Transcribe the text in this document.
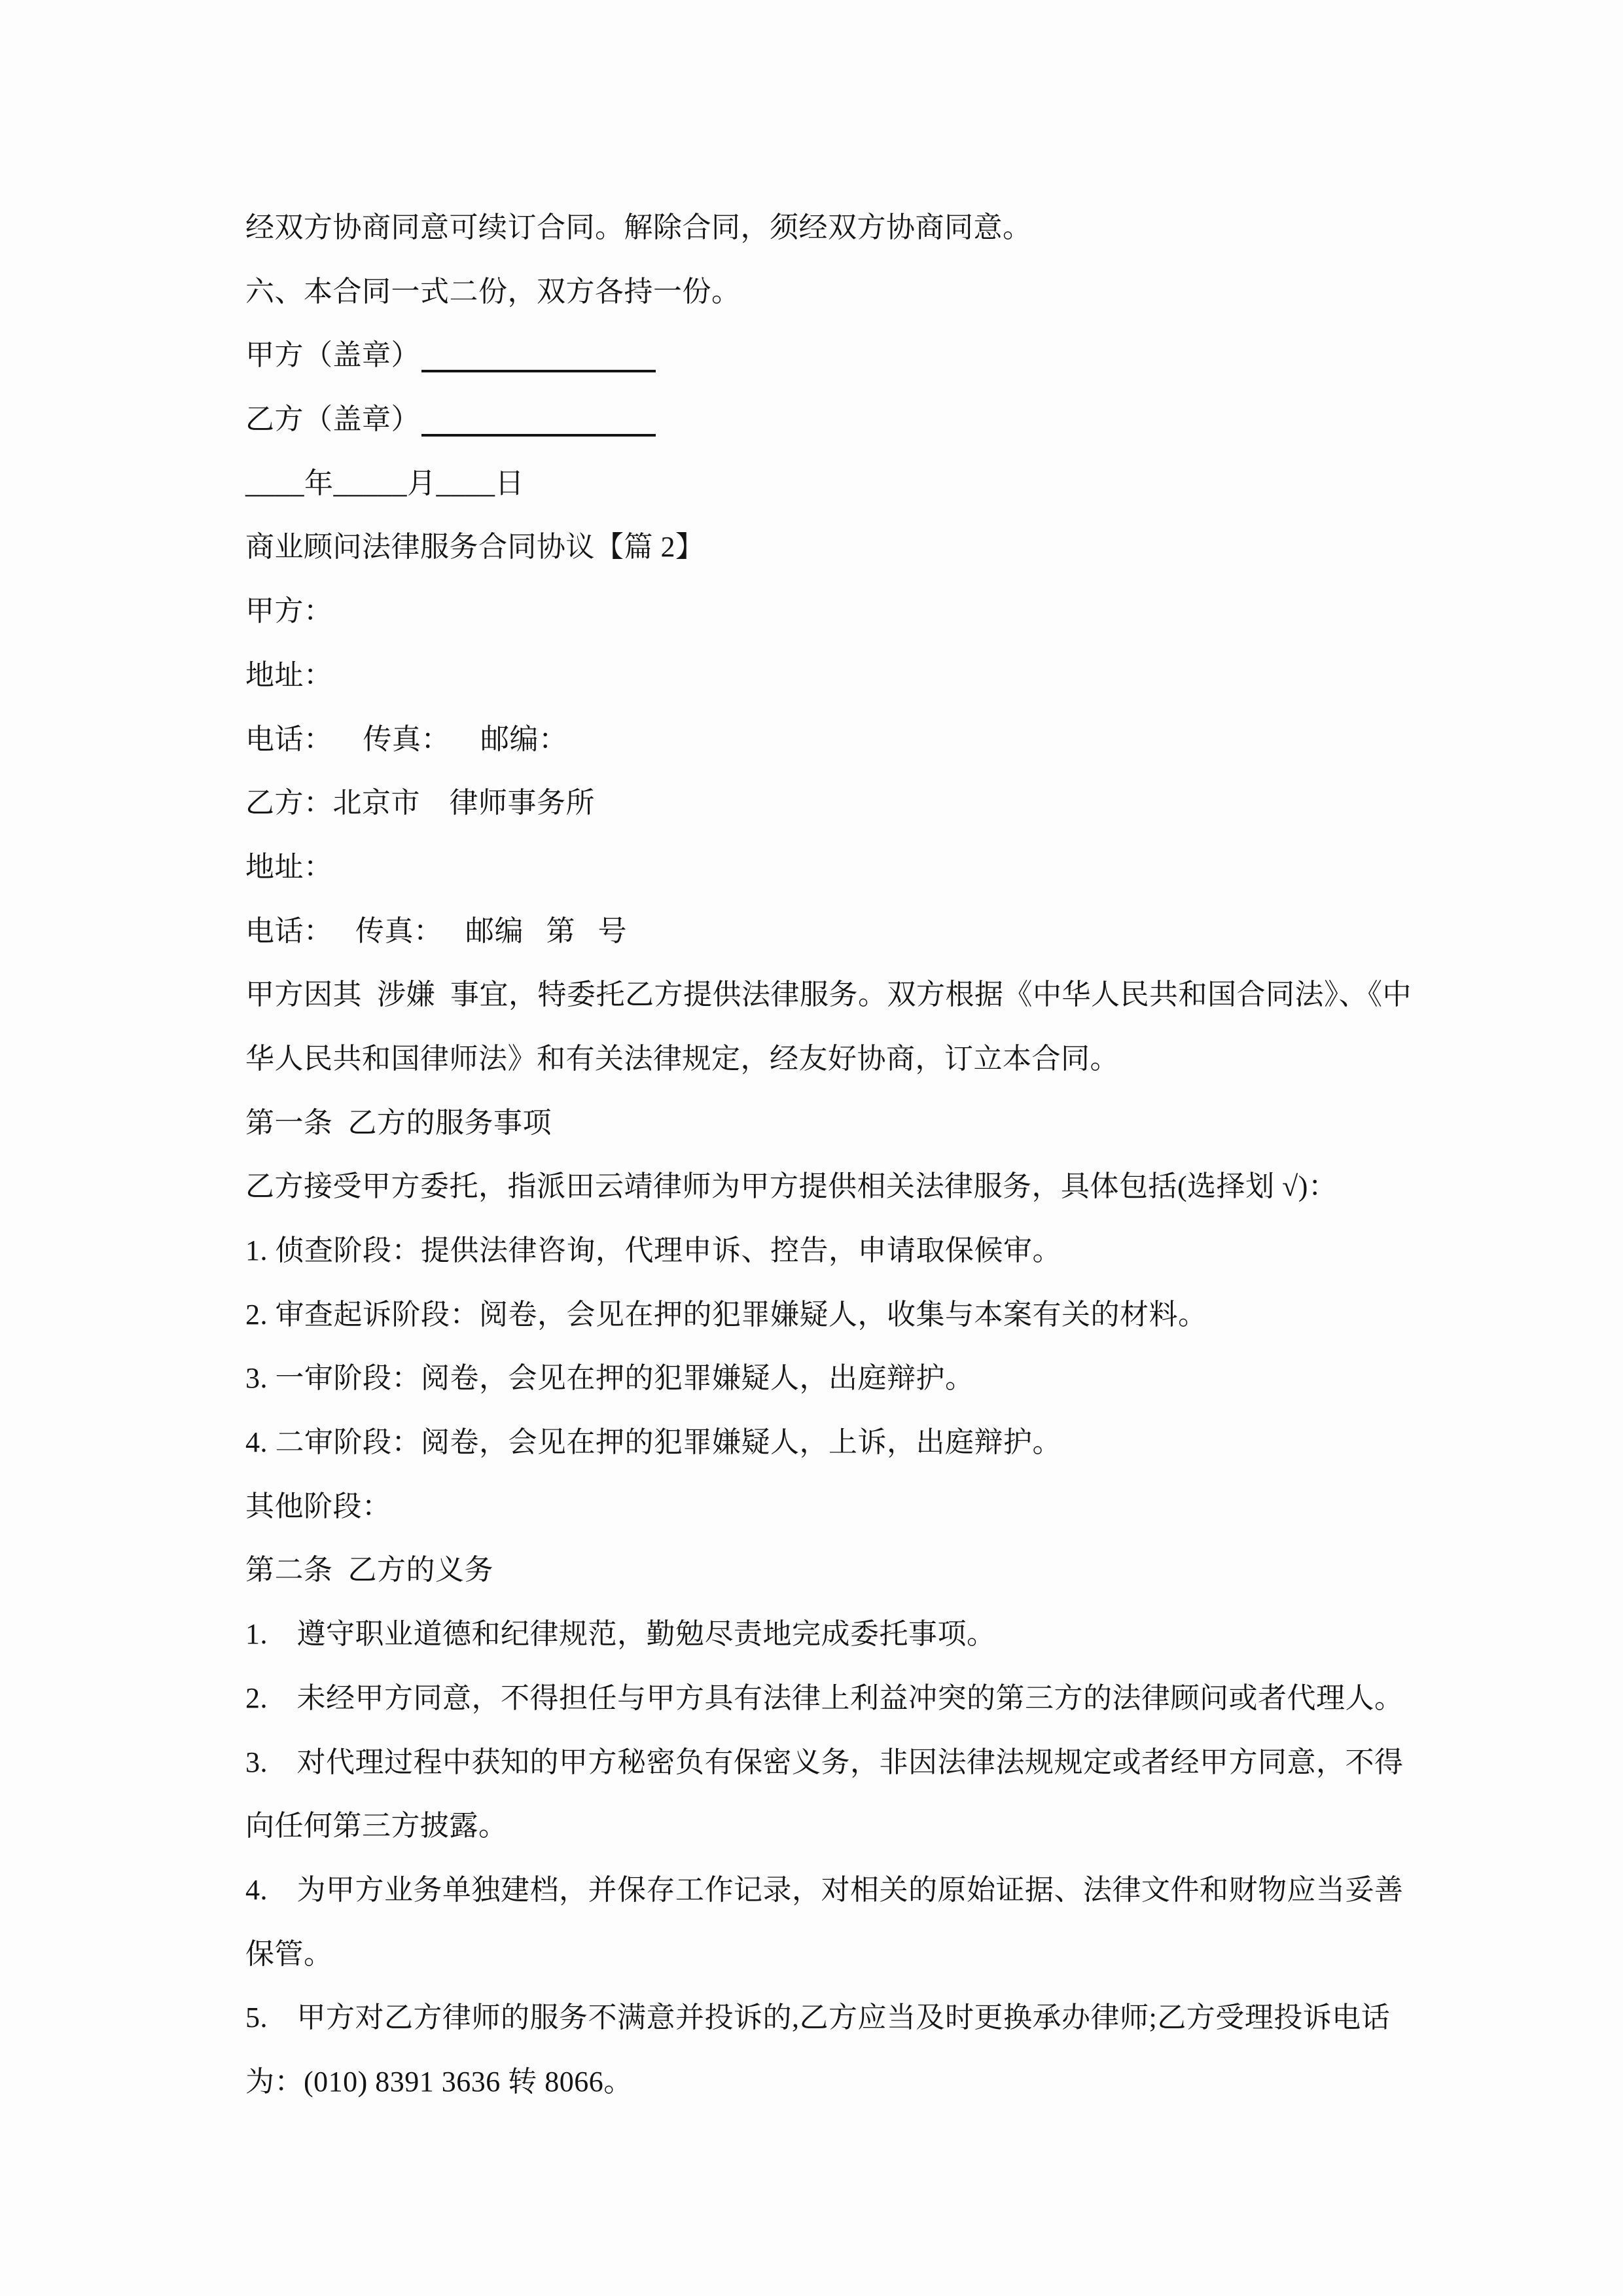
经双方协商同意可续订合同。解除合同，须经双方协商同意。
六、本合同一式二份，双方各持一份。
甲方（盖章）
乙方（盖章）
____年_____月____日
商业顾问法律服务合同协议【篇 2】
甲方：
地址：
电话：    传真：    邮编：
乙方：北京市　律师事务所
地址：
电话：   传真：   邮编   第   号
甲方因其  涉嫌  事宜，特委托乙方提供法律服务。双方根据《中华人民共和国合同法》、《中
华人民共和国律师法》和有关法律规定，经友好协商，订立本合同。
第一条  乙方的服务事项
乙方接受甲方委托，指派田云靖律师为甲方提供相关法律服务，具体包括(选择划 √)：
1. 侦查阶段：提供法律咨询，代理申诉、控告，申请取保候审。
2. 审查起诉阶段：阅卷，会见在押的犯罪嫌疑人，收集与本案有关的材料。
3. 一审阶段：阅卷，会见在押的犯罪嫌疑人，出庭辩护。
4. 二审阶段：阅卷，会见在押的犯罪嫌疑人，上诉，出庭辩护。
其他阶段：
第二条  乙方的义务
1.　遵守职业道德和纪律规范，勤勉尽责地完成委托事项。
2.　未经甲方同意，不得担任与甲方具有法律上利益冲突的第三方的法律顾问或者代理人。
3.　对代理过程中获知的甲方秘密负有保密义务，非因法律法规规定或者经甲方同意，不得
向任何第三方披露。
4.　为甲方业务单独建档，并保存工作记录，对相关的原始证据、法律文件和财物应当妥善
保管。
5.　甲方对乙方律师的服务不满意并投诉的,乙方应当及时更换承办律师;乙方受理投诉电话
为：(010) 8391 3636 转 8066。
